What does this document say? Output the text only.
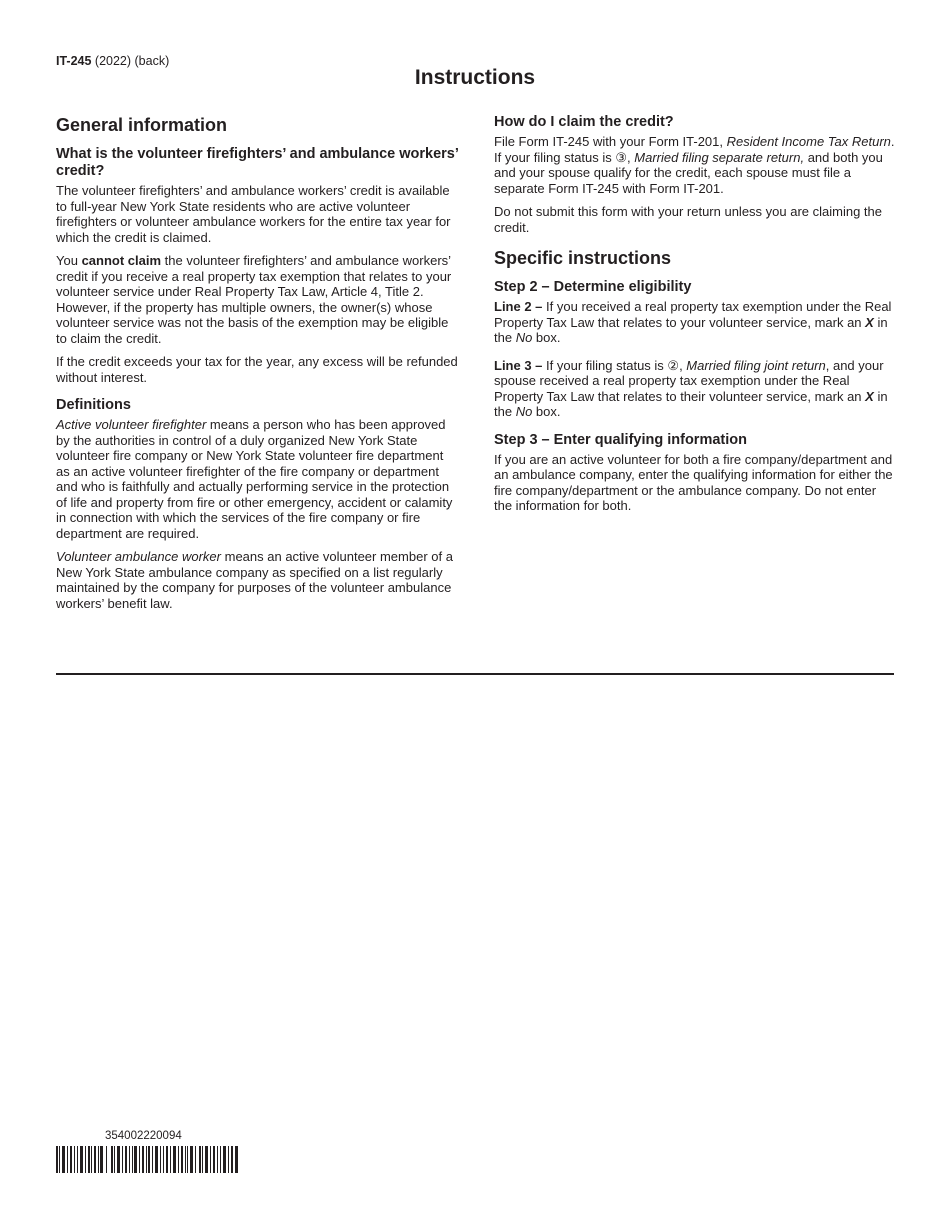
IT-245 (2022) (back)
Instructions
General information
What is the volunteer firefighters’ and ambulance workers’ credit?

The volunteer firefighters’ and ambulance workers’ credit is available to full-year New York State residents who are active volunteer firefighters or volunteer ambulance workers for the entire tax year for which the credit is claimed.

You cannot claim the volunteer firefighters’ and ambulance workers’ credit if you receive a real property tax exemption that relates to your volunteer service under Real Property Tax Law, Article 4, Title 2. However, if the property has multiple owners, the owner(s) whose volunteer service was not the basis of the exemption may be eligible to claim the credit.

If the credit exceeds your tax for the year, any excess will be refunded without interest.

Definitions

Active volunteer firefighter means a person who has been approved by the authorities in control of a duly organized New York State volunteer fire company or New York State volunteer fire department as an active volunteer firefighter of the fire company or department and who is faithfully and actually performing service in the protection of life and property from fire or other emergency, accident or calamity in connection with which the services of the fire company or fire department are required.

Volunteer ambulance worker means an active volunteer member of a New York State ambulance company as specified on a list regularly maintained by the company for purposes of the volunteer ambulance workers’ benefit law.

How do I claim the credit?

File Form IT-245 with your Form IT-201, Resident Income Tax Return. If your filing status is ③, Married filing separate return, and both you and your spouse qualify for the credit, each spouse must file a separate Form IT-245 with Form IT-201.

Do not submit this form with your return unless you are claiming the credit.

Specific instructions
Step 2 – Determine eligibility

Line 2 – If you received a real property tax exemption under the Real Property Tax Law that relates to your volunteer service, mark an X in the No box.

Line 3 – If your filing status is ②, Married filing joint return, and your spouse received a real property tax exemption under the Real Property Tax Law that relates to their volunteer service, mark an X in the No box.

Step 3 – Enter qualifying information

If you are an active volunteer for both a fire company/department and an ambulance company, enter the qualifying information for either the fire company/department or the ambulance company. Do not enter the information for both.

354002220094
